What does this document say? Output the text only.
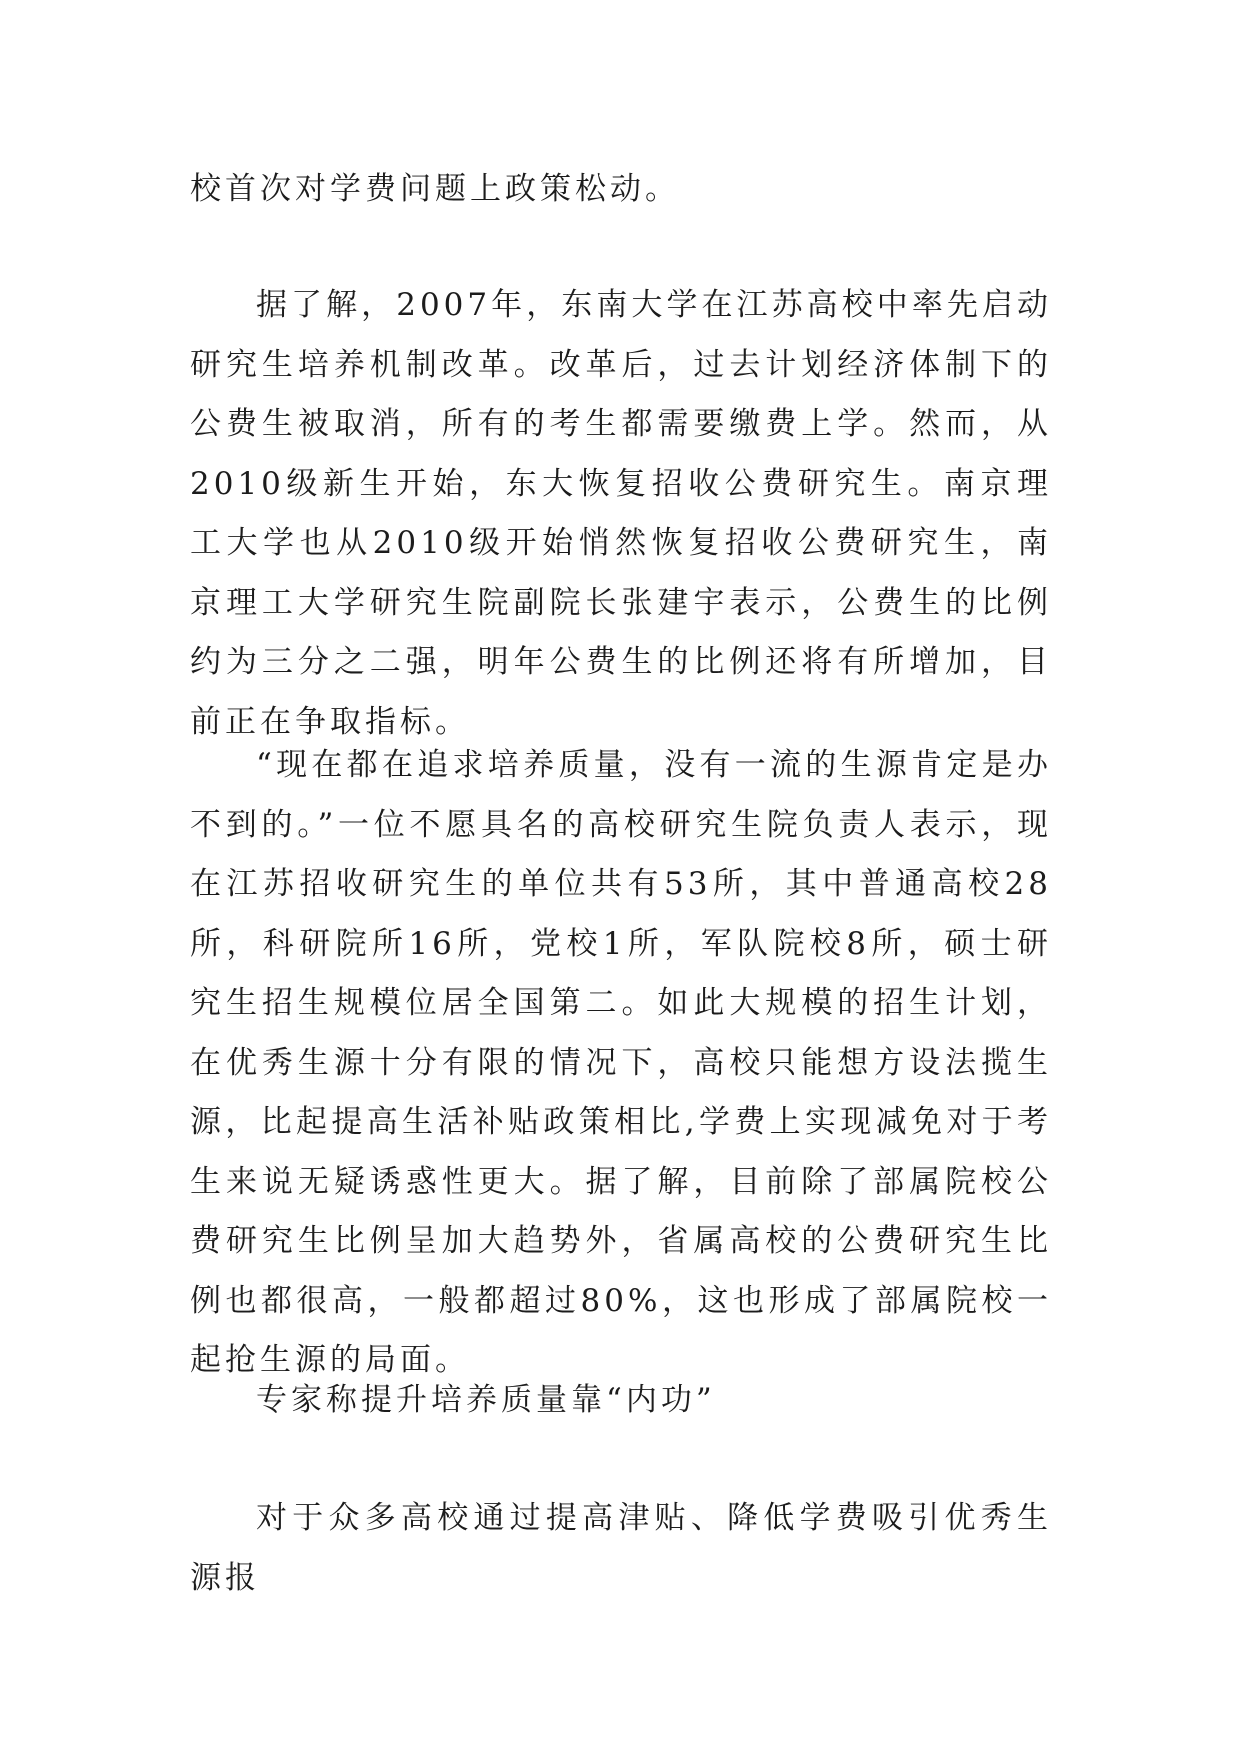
校首次对学费问题上政策松动。

据了解，2007年，东南大学在江苏高校中率先启动研究生培养机制改革。改革后，过去计划经济体制下的公费生被取消，所有的考生都需要缴费上学。然而，从2010级新生开始，东大恢复招收公费研究生。南京理工大学也从2010级开始悄然恢复招收公费研究生，南京理工大学研究生院副院长张建宇表示，公费生的比例约为三分之二强，明年公费生的比例还将有所增加，目前正在争取指标。

“现在都在追求培养质量，没有一流的生源肯定是办不到的。”一位不愿具名的高校研究生院负责人表示，现在江苏招收研究生的单位共有53所，其中普通高校28所，科研院所16所，党校1所，军队院校8所，硕士研究生招生规模位居全国第二。如此大规模的招生计划，在优秀生源十分有限的情况下，高校只能想方设法揽生源，比起提高生活补贴政策相比,学费上实现减免对于考生来说无疑诱惑性更大。据了解，目前除了部属院校公费研究生比例呈加大趋势外，省属高校的公费研究生比例也都很高，一般都超过80%，这也形成了部属院校一起抢生源的局面。

专家称提升培养质量靠“内功”

对于众多高校通过提高津贴、降低学费吸引优秀生源报
